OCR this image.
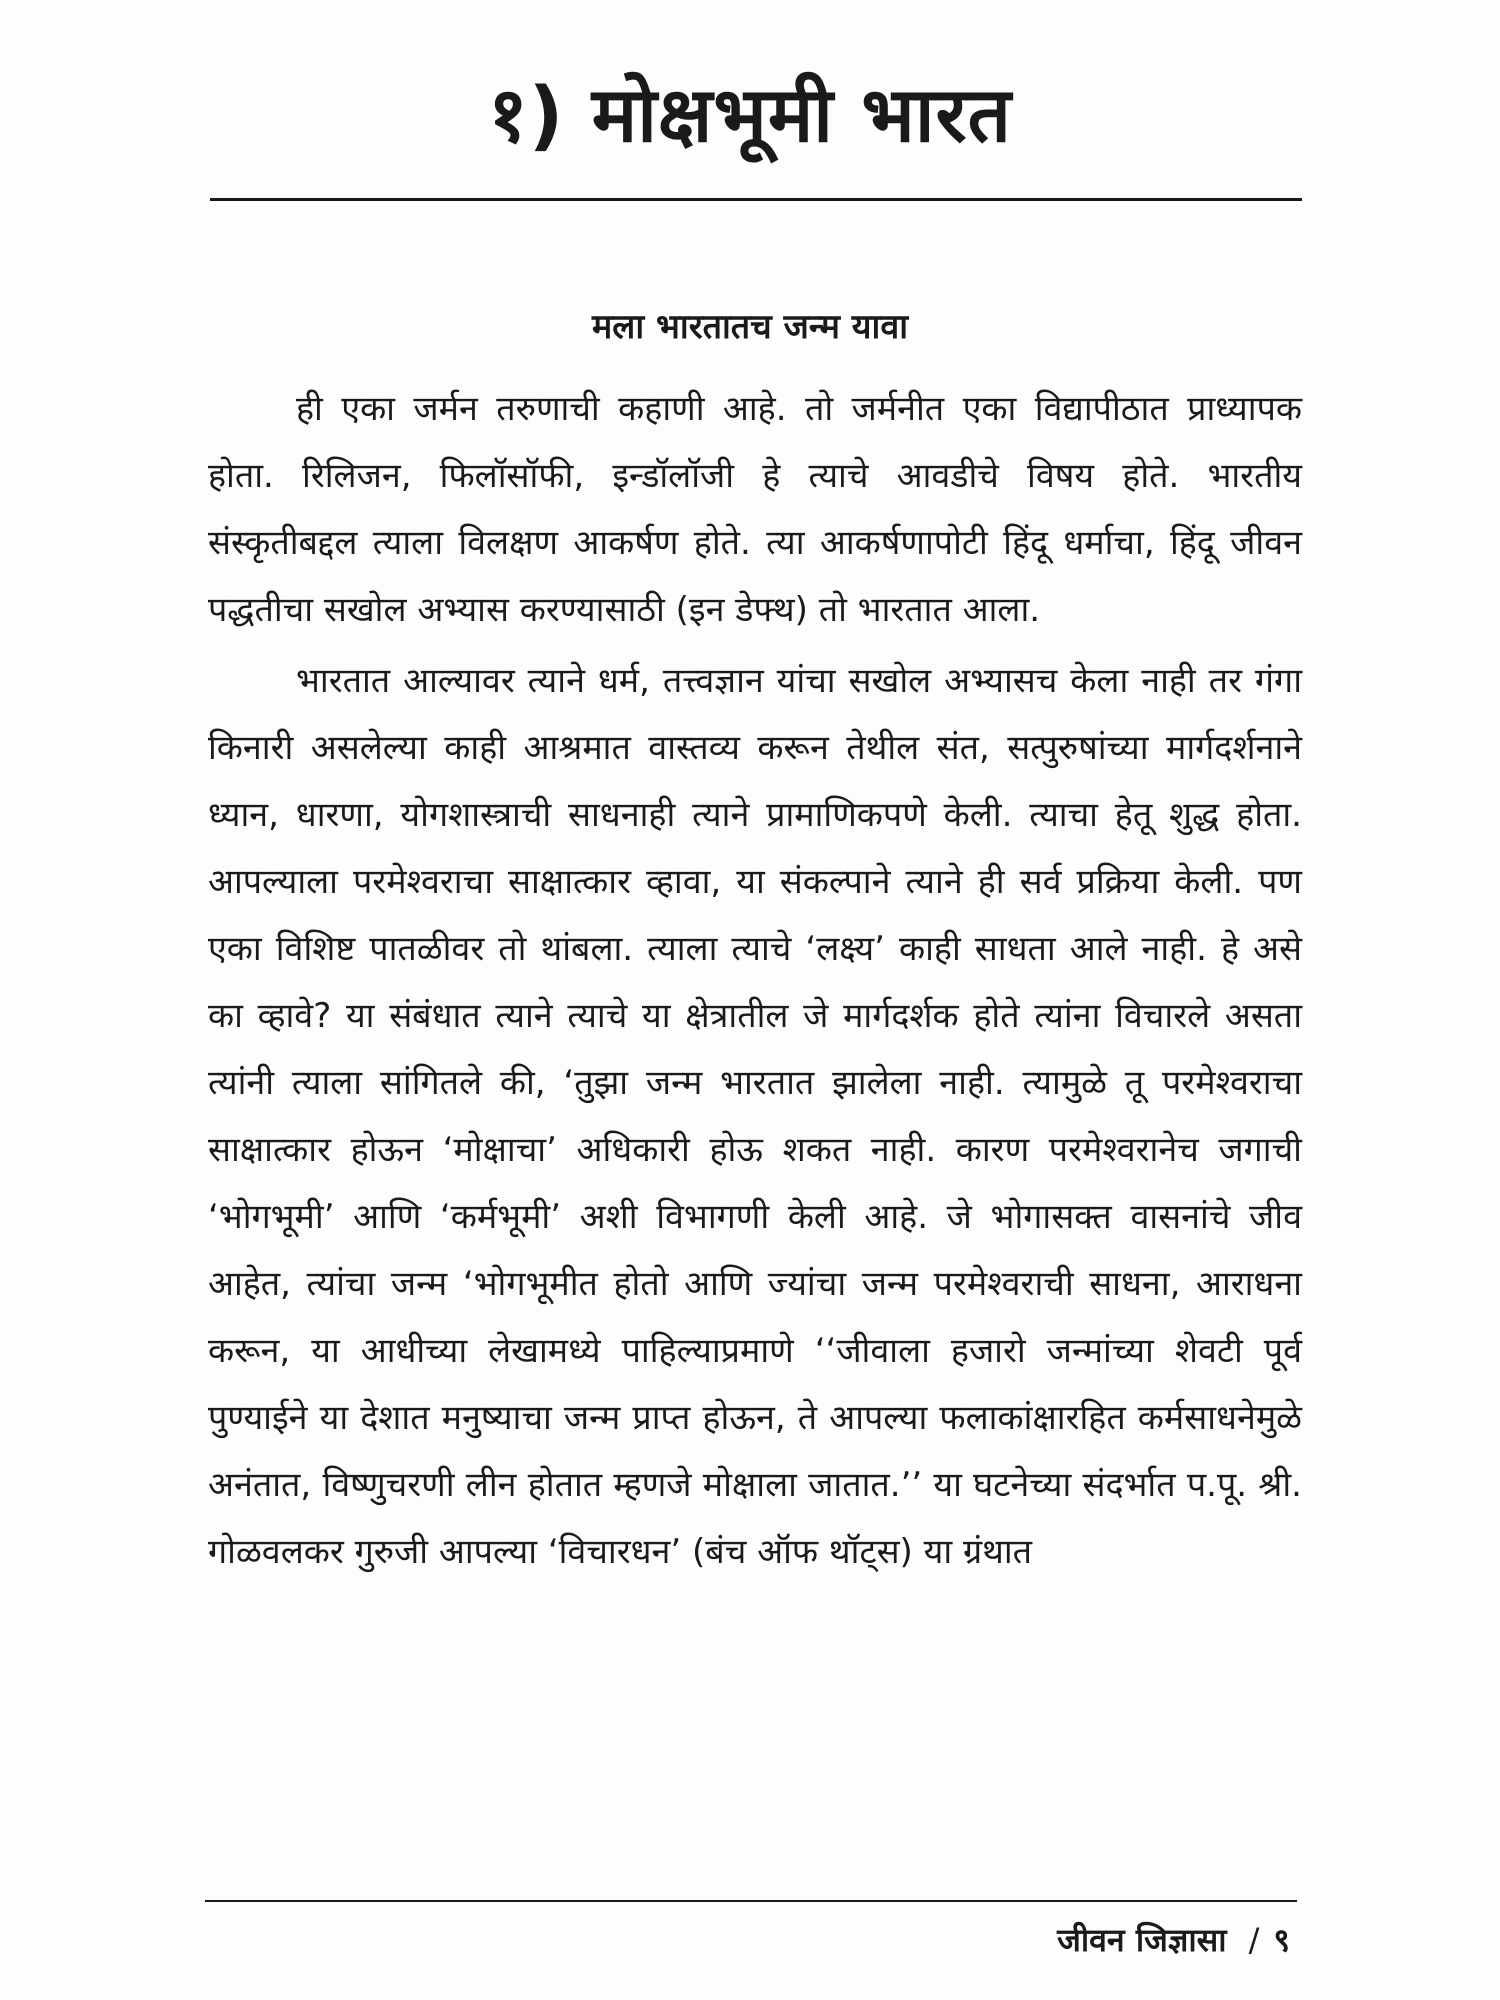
१) मोक्षभूमी भारत
मला भारतातच जन्म यावा

ही एका जर्मन तरुणाची कहाणी आहे. तो जर्मनीत एका विद्यापीठात प्राध्यापक होता. रिलिजन, फिलॉसॉफी, इन्डॉलॉजी हे त्याचे आवडीचे विषय होते. भारतीय संस्कृतीबद्दल त्याला विलक्षण आकर्षण होते. त्या आकर्षणापोटी हिंदू धर्माचा, हिंदू जीवन पद्धतीचा सखोल अभ्यास करण्यासाठी (इन डेफ्थ) तो भारतात आला.

भारतात आल्यावर त्याने धर्म, तत्त्वज्ञान यांचा सखोल अभ्यासच केला नाही तर गंगा किनारी असलेल्या काही आश्रमात वास्तव्य करून तेथील संत, सत्पुरुषांच्या मार्गदर्शनाने ध्यान, धारणा, योगशास्त्राची साधनाही त्याने प्रामाणिकपणे केली. त्याचा हेतू शुद्ध होता. आपल्याला परमेश्वराचा साक्षात्कार व्हावा, या संकल्पाने त्याने ही सर्व प्रक्रिया केली. पण एका विशिष्ट पातळीवर तो थांबला. त्याला त्याचे ‘लक्ष्य’ काही साधता आले नाही. हे असे का व्हावे? या संबंधात त्याने त्याचे या क्षेत्रातील जे मार्गदर्शक होते त्यांना विचारले असता त्यांनी त्याला सांगितले की, ‘तुझा जन्म भारतात झालेला नाही. त्यामुळे तू परमेश्वराचा साक्षात्कार होऊन ‘मोक्षाचा’ अधिकारी होऊ शकत नाही. कारण परमेश्वरानेच जगाची ‘भोगभूमी’ आणि ‘कर्मभूमी’ अशी विभागणी केली आहे. जे भोगासक्त वासनांचे जीव आहेत, त्यांचा जन्म ‘भोगभूमीत होतो आणि ज्यांचा जन्म परमेश्वराची साधना, आराधना करून, या आधीच्या लेखामध्ये पाहिल्याप्रमाणे ‘‘जीवाला हजारो जन्मांच्या शेवटी पूर्व पुण्याईने या देशात मनुष्याचा जन्म प्राप्त होऊन, ते आपल्या फलाकांक्षारहित कर्मसाधनेमुळे अनंतात, विष्णुचरणी लीन होतात म्हणजे मोक्षाला जातात.’’ या घटनेच्या संदर्भात प.पू. श्री. गोळवलकर गुरुजी आपल्या ‘विचारधन’ (बंच ऑफ थॉट्स) या ग्रंथात

जीवन जिज्ञासा / ९
